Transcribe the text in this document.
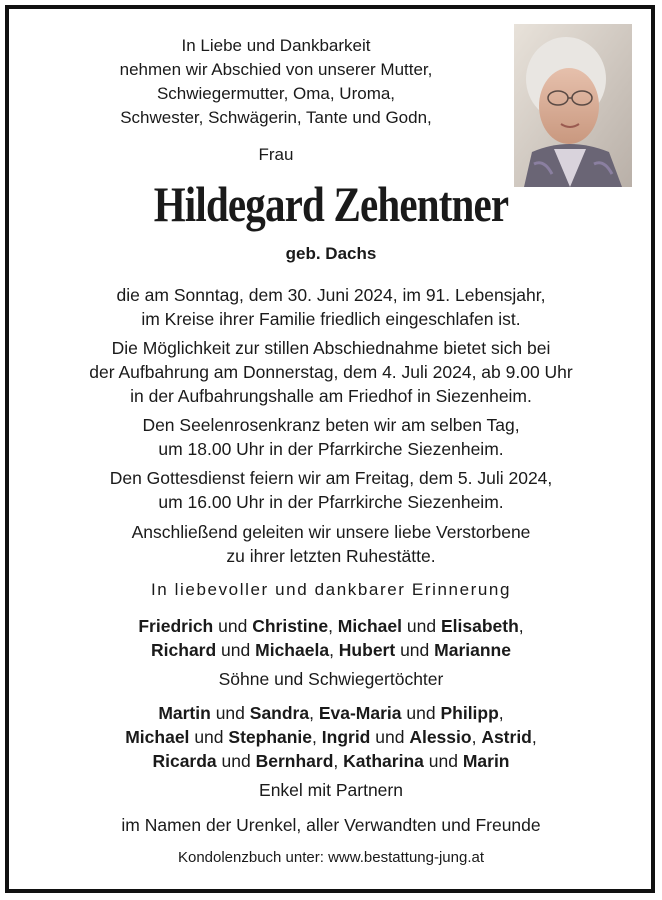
In Liebe und Dankbarkeit
nehmen wir Abschied von unserer Mutter,
Schwiegermutter, Oma, Uroma,
Schwester, Schwägerin, Tante und Godn,
Frau
Hildegard Zehentner
geb. Dachs
die am Sonntag, dem 30. Juni 2024, im 91. Lebensjahr,
im Kreise ihrer Familie friedlich eingeschlafen ist.
Die Möglichkeit zur stillen Abschiednahme bietet sich bei
der Aufbahrung am Donnerstag, dem 4. Juli 2024, ab 9.00 Uhr
in der Aufbahrungshalle am Friedhof in Siezenheim.
Den Seelenrosenkranz beten wir am selben Tag,
um 18.00 Uhr in der Pfarrkirche Siezenheim.
Den Gottesdienst feiern wir am Freitag, dem 5. Juli 2024,
um 16.00 Uhr in der Pfarrkirche Siezenheim.
Anschließend geleiten wir unsere liebe Verstorbene
zu ihrer letzten Ruhestätte.
In liebevoller und dankbarer Erinnerung
Friedrich und Christine, Michael und Elisabeth,
Richard und Michaela, Hubert und Marianne
Söhne und Schwiegertöchter
Martin und Sandra, Eva-Maria und Philipp,
Michael und Stephanie, Ingrid und Alessio, Astrid,
Ricarda und Bernhard, Katharina und Marin
Enkel mit Partnern
im Namen der Urenkel, aller Verwandten und Freunde
Kondolenzbuch unter: www.bestattung-jung.at
